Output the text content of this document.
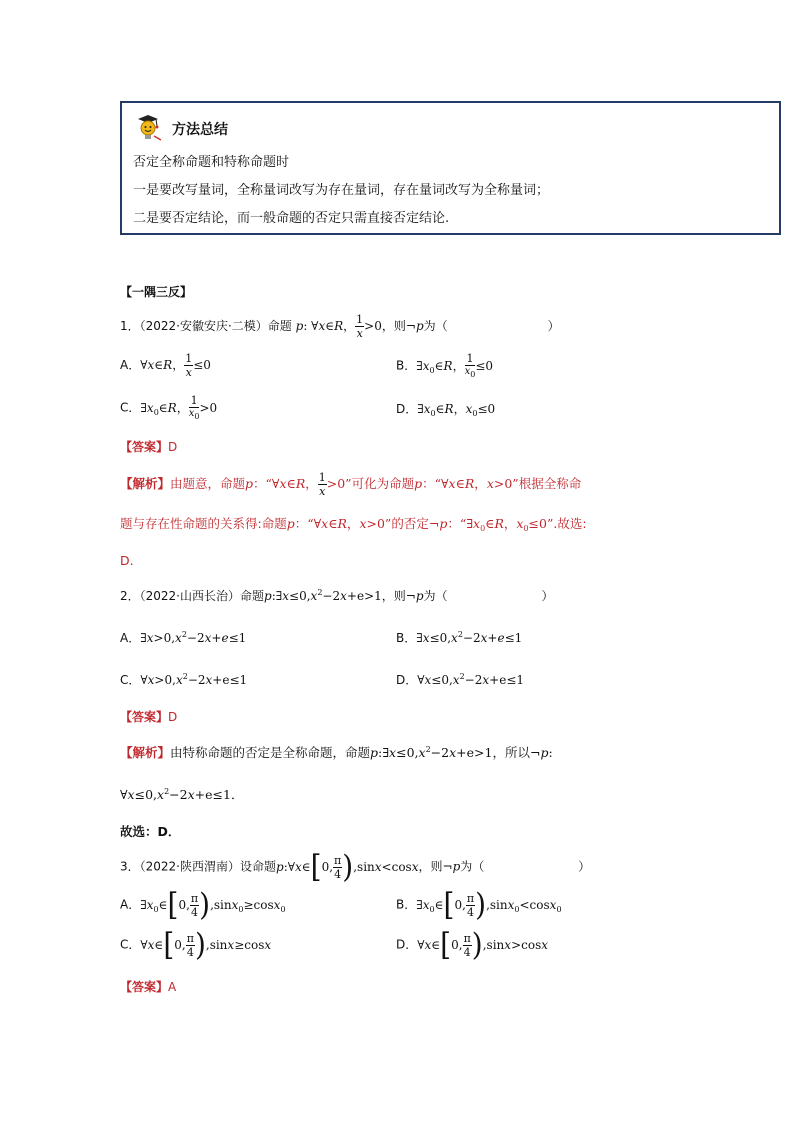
方法总结
否定全称命题和特称命题时
一是要改写量词，全称量词改写为存在量词，存在量词改写为全称量词；
二是要否定结论，而一般命题的否定只需直接否定结论.
【一隅三反】
1．（2022·安徽安庆·二模）命题 p: ∀x∈R， $\frac{1}{x} >0$，则¬p为（	）
A．∀x∈R， $\frac{1}{x} \le 0$	B．$\exists x_0\in R$， $\frac{1}{x_0} \le 0$
C．$\exists x_0\in R$， $\frac{1}{x_0} >0$	D．$\exists x_0\in R$，$x_0\le 0$
【答案】D
【解析】由题意，命题p：“∀x∈R， $\frac{1}{x} >0$”可化为命题p：“∀x∈R，x>0”根据全称命
题与存在性命题的关系得:命题p：“∀x∈R，x>0”的否定¬p：“$\exists x_0\in R$，$x_0\le 0$”.故选:
D.
2．（2022·山西长治）命题$p:\exists x\le 0,x^2-2x+e>1$，则¬p为（	）
A．$\exists x>0,x^2-2x+e\le 1$	B．$\exists x\le 0,x^2-2x+e\le 1$
C．$\forall x>0,x^2-2x+e\le 1$	D．$\forall x\le 0,x^2-2x+e\le 1$
【答案】D
【解析】由特称命题的否定是全称命题，命题$p:\exists x\le 0,x^2-2x+e>1$，所以¬p:
$\forall x\le 0,x^2-2x+e\le 1$．
故选：D．
3．（2022·陕西渭南）设命题p:∀x∈[0, $\frac{\pi}{4} ),\sin x<\cos x$，则¬p为（	）
A．$\exists x_0\in[0$, $\frac{\pi}{4} ),\sin x_0\ge\cos x_0$	B．$\exists x_0\in[0$, $\frac{\pi}{4} ),\sin x_0<\cos x_0$
C．∀x∈[0, $\frac{\pi}{4} ),\sin x\ge\cos x$	D．∀x∈[0, $\frac{\pi}{4} ),\sin x>\cos x$
【答案】A
